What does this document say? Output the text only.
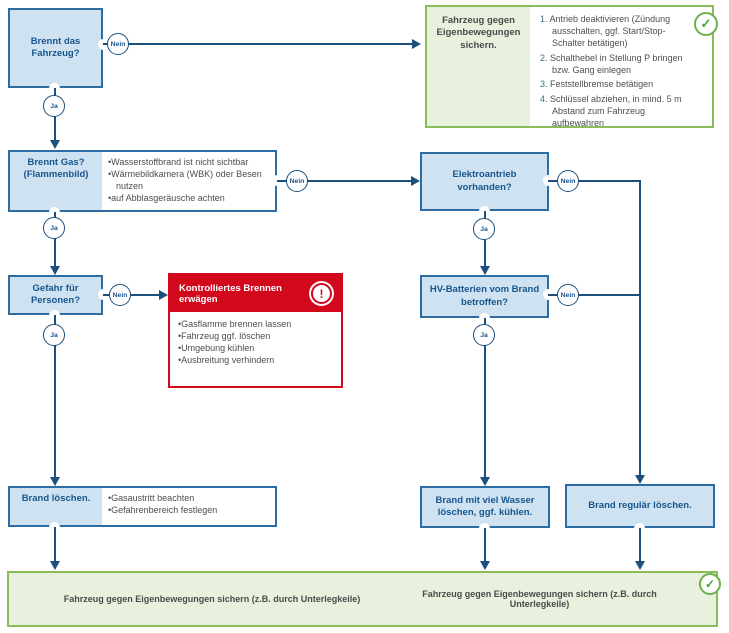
Brennt das Fahrzeug?
Fahrzeug gegen Eigenbewegungen sichern.
Antrieb deaktivieren (Zündung ausschalten, ggf. Start/Stop-Schalter betätigen)
Schalthebel in Stellung P bringen bzw. Gang einlegen
Feststellbremse betätigen
Schlüssel abziehen, in mind. 5 m Abstand zum Fahrzeug aufbewahren
✓
Brennt Gas?
(Flammenbild)
• Wasserstoffbrand ist nicht sichtbar
• Wärmebildkamera (WBK) oder Besen nutzen
• auf Abblasgeräusche achten
Elektroantrieb vorhanden?
Gefahr für Personen?
Kontrolliertes Brennen erwägen
• Gasflamme brennen lassen
• Fahrzeug ggf. löschen
• Umgebung kühlen
• Ausbreitung verhindern
!	HV-Batterien vom Brand betroffen?
Brand löschen.	• Gasaustritt beachten
• Gefahrenbereich festlegen
Brand mit viel Wasser löschen, ggf. kühlen.
Brand regulär löschen.
Fahrzeug gegen Eigenbewegungen sichern (z.B. durch Unterlegkeile)	Fahrzeug gegen Eigenbewegungen sichern (z.B. durch Unterlegkeile)
✓
Nein
Ja
Nein	Nein
Ja	Ja
Nein	Nein
Ja	Ja
